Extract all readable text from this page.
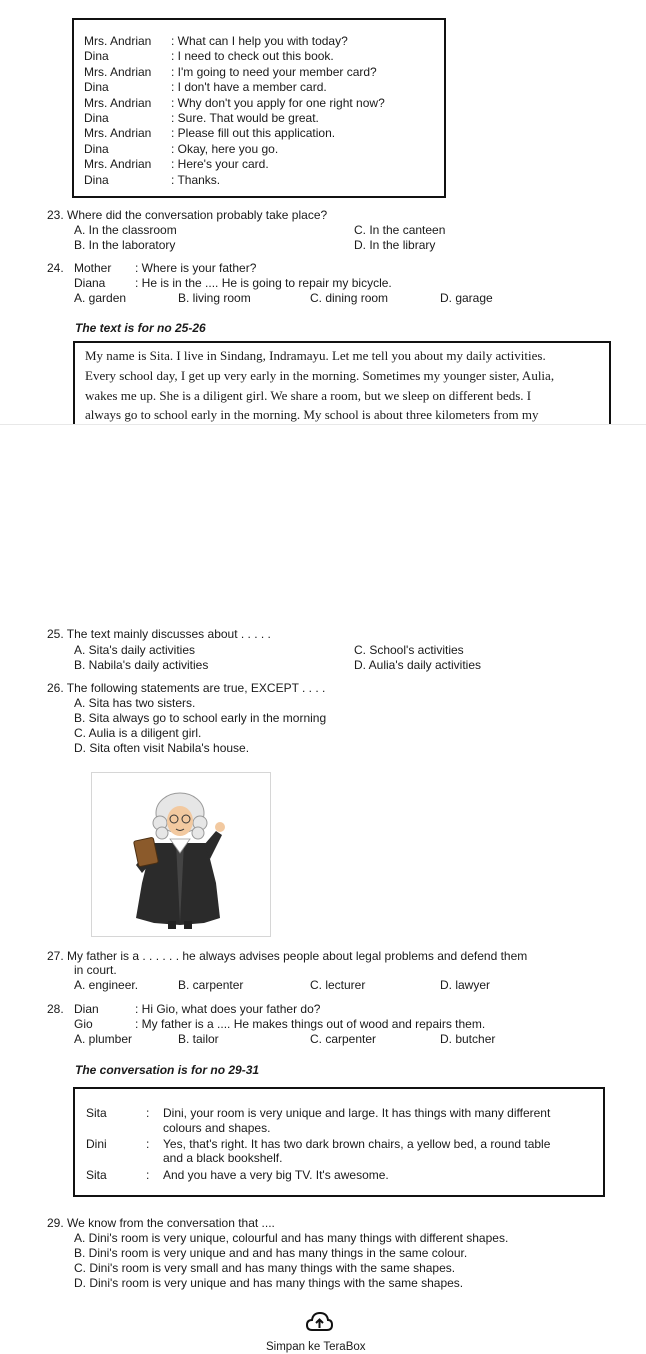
Mrs. Andrian : What can I help you with today?
Dina	: I need to check out this book.
Mrs. Andrian : I'm going to need your member card?
Dina	: I don't have a member card.
Mrs. Andrian : Why don't you apply for one right now?
Dina	: Sure. That would be great.
Mrs. Andrian : Please fill out this application.
Dina	: Okay, here you go.
Mrs. Andrian : Here's your card.
Dina	: Thanks.
23. Where did the conversation probably take place?
A. In the classroom	C. In the canteen
B. In the laboratory	D. In the library
24. Mother : Where is your father?
Diana : He is in the .... He is going to repair my bicycle.
A. garden	B. living room	C. dining room	D. garage
The text is for no 25-26
My name is Sita. I live in Sindang, Indramayu. Let me tell you about my daily activities.
Every school day, I get up very early in the morning. Sometimes my younger sister, Aulia,
wakes me up. She is a diligent girl. We share a room, but we sleep on different beds. I
always go to school early in the morning. My school is about three kilometers from my
25. The text mainly discusses about . . . . .
A. Sita's daily activities	C. School's activities
B. Nabila's daily activities	D. Aulia's daily activities
26. The following statements are true, EXCEPT . . . .
A. Sita has two sisters.
B. Sita always go to school early in the morning
C. Aulia is a diligent girl.
D. Sita often visit Nabila's house.
27. My father is a . . . . . . he always advises people about legal problems and defend them
in court.
A. engineer.	B. carpenter	C. lecturer	D. lawyer
28. Dian	: Hi Gio, what does your father do?
Gio	: My father is a .... He makes things out of wood and repairs them.
A. plumber	B. tailor	C. carpenter	D. butcher
The conversation is for no 29-31
Sita	: Dini, your room is very unique and large. It has things with many different
colours and shapes.
Dini	: Yes, that's right. It has two dark brown chairs, a yellow bed, a round table
and a black bookshelf.
Sita	: And you have a very big TV. It's awesome.
29. We know from the conversation that ....
A. Dini's room is very unique, colourful and has many things with different shapes.
B. Dini's room is very unique and and has many things in the same colour.
C. Dini's room is very small and has many things with the same shapes.
D. Dini's room is very unique and has many things with the same shapes.
Simpan ke TeraBox
